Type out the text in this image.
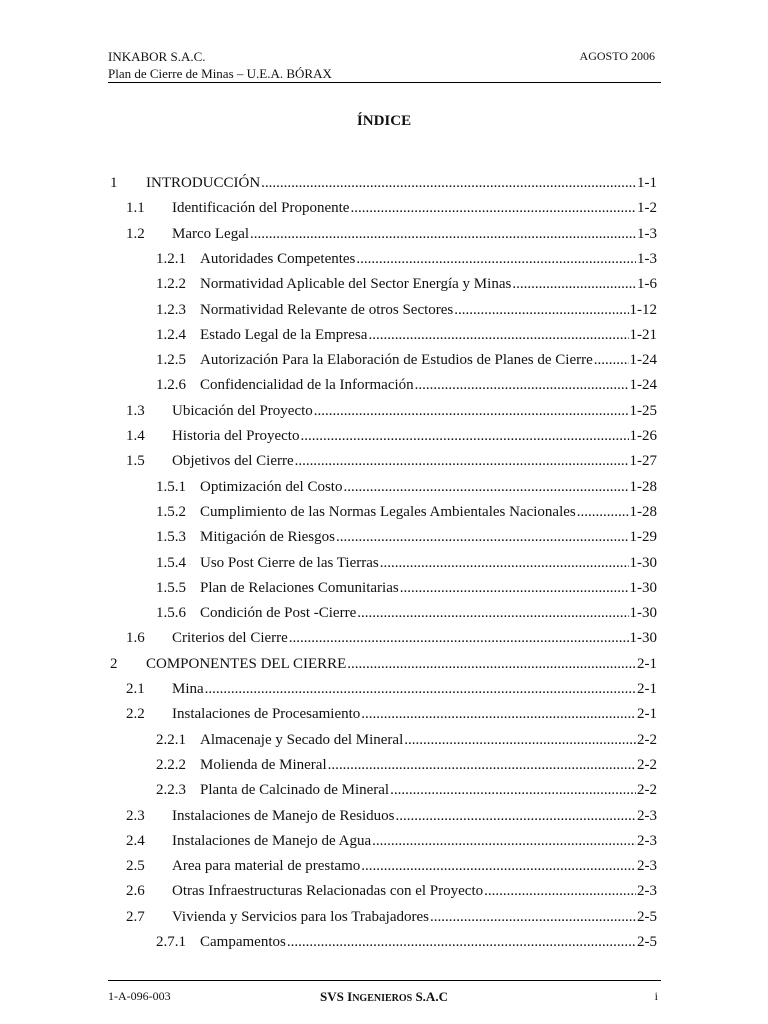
INKABOR S.A.C.
Plan de Cierre de Minas – U.E.A. BÓRAX
AGOSTO 2006
ÍNDICE
1	INTRODUCCIÓN .....	1-1
1.1	Identificación del Proponente .....	1-2
1.2	Marco Legal .....	1-3
1.2.1 Autoridades Competentes .....	1-3
1.2.2 Normatividad Aplicable del Sector Energía y Minas .....	1-6
1.2.3 Normatividad Relevante de otros Sectores .....	1-12
1.2.4 Estado Legal de la Empresa .....	1-21
1.2.5 Autorización Para la Elaboración de Estudios de Planes de Cierre ..... 1-24
1.2.6 Confidencialidad de la Información .....	1-24
1.3	Ubicación del Proyecto .....	1-25
1.4	Historia del Proyecto .....	1-26
1.5	Objetivos del Cierre .....	1-27
1.5.1 Optimización del Costo .....	1-28
1.5.2 Cumplimiento de las Normas Legales Ambientales Nacionales .....	1-28
1.5.3 Mitigación de Riesgos .....	1-29
1.5.4 Uso Post Cierre de las Tierras .....	1-30
1.5.5 Plan de Relaciones Comunitarias .....	1-30
1.5.6 Condición de Post -Cierre .....	1-30
1.6	Criterios del Cierre .....	1-30
2	COMPONENTES DEL CIERRE .....	2-1
2.1	Mina .....	2-1
2.2	Instalaciones de Procesamiento .....	2-1
2.2.1 Almacenaje y Secado del Mineral .....	2-2
2.2.2 Molienda de Mineral .....	2-2
2.2.3 Planta de Calcinado de Mineral .....	2-2
2.3	Instalaciones de Manejo de Residuos .....	2-3
2.4	Instalaciones de Manejo de Agua .....	2-3
2.5	Area para material de prestamo .....	2-3
2.6	Otras Infraestructuras Relacionadas con el Proyecto .....	2-3
2.7	Vivienda y Servicios para los Trabajadores .....	2-5
2.7.1 Campamentos .....	2-5
1-A-096-003	SVS INGENIEROS S.A.C	i
